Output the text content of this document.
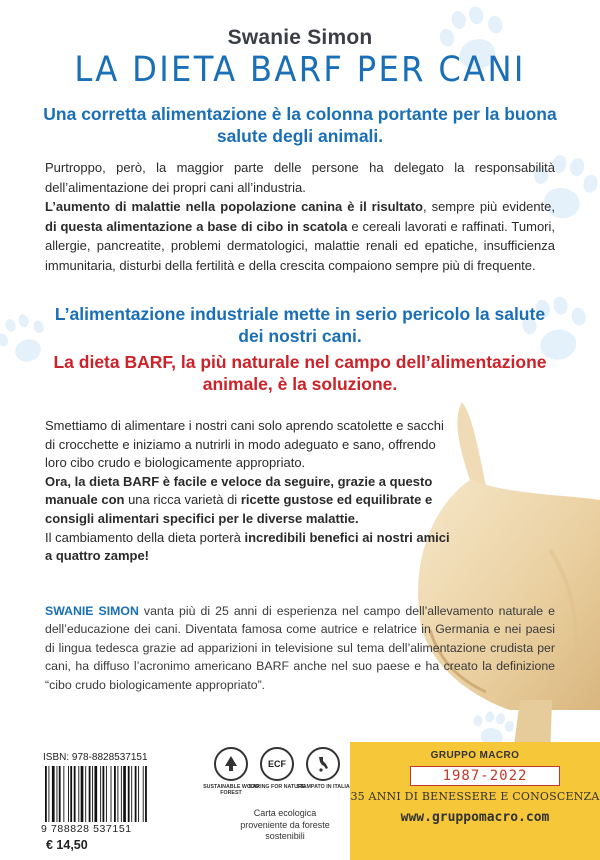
Swanie Simon
LA DIETA BARF PER CANI
Una corretta alimentazione è la colonna portante per la buona salute degli animali.
Purtroppo, però, la maggior parte delle persone ha delegato la responsabilità dell’alimentazione dei propri cani all’industria.
L’aumento di malattie nella popolazione canina è il risultato, sempre più evidente, di questa alimentazione a base di cibo in scatola e cereali lavorati e raffinati. Tumori, allergie, pancreatite, problemi dermatologici, malattie renali ed epatiche, insufficienza immunitaria, disturbi della fertilità e della crescita compaiono sempre più di frequente.
L’alimentazione industriale mette in serio pericolo la salute dei nostri cani.
La dieta BARF, la più naturale nel campo dell’alimentazione animale, è la soluzione.
Smettiamo di alimentare i nostri cani solo aprendo scatolette e sacchi di crocchette e iniziamo a nutrirli in modo adeguato e sano, offrendo loro cibo crudo e biologicamente appropriato.
Ora, la dieta BARF è facile e veloce da seguire, grazie a questo manuale con una ricca varietà di ricette gustose ed equilibrate e consigli alimentari specifici per le diverse malattie.
Il cambiamento della dieta porterà incredibili benefici ai nostri amici a quattro zampe!
SWANIE SIMON vanta più di 25 anni di esperienza nel campo dell’allevamento naturale e dell’educazione dei cani. Diventata famosa come autrice e relatrice in Germania e nei paesi di lingua tedesca grazie ad apparizioni in televisione sul tema dell’alimentazione crudista per cani, ha diffuso l’acronimo americano BARF anche nel suo paese e ha creato la definizione “cibo crudo biologicamente appropriato”.
ISBN: 978-8828537151
9 788828 537151
€ 14,50
ECF
SUSTAINABLE WOOD FOREST
CARING FOR NATURE
STAMPATO IN ITALIA
Carta ecologica proveniente da foreste sostenibili
GRUPPO MACRO
1987-2022
35 ANNI DI BENESSERE E CONOSCENZA
www.gruppomacro.com
